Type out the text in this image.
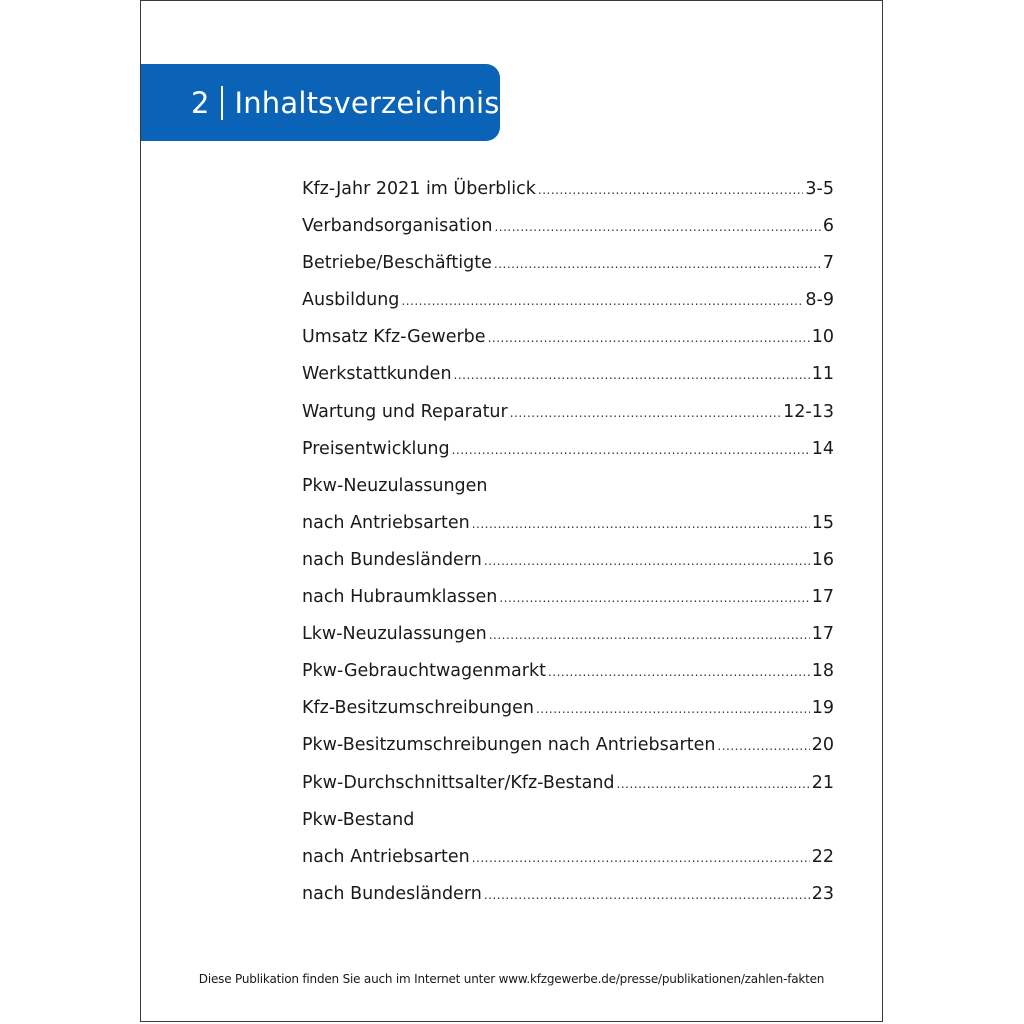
2 Inhaltsverzeichnis
Kfz-Jahr 2021 im Überblick .....	3-5
Verbandsorganisation .....	6
Betriebe/Beschäftigte .....	7
Ausbildung .....	8-9
Umsatz Kfz-Gewerbe .....	10
Werkstattkunden .....	11
Wartung und Reparatur .....	12-13
Preisentwicklung .....	14
Pkw-Neuzulassungen
nach Antriebsarten .....	15
nach Bundesländern .....	16
nach Hubraumklassen .....	17
Lkw-Neuzulassungen .....	17
Pkw-Gebrauchtwagenmarkt .....	18
Kfz-Besitzumschreibungen .....	19
Pkw-Besitzumschreibungen nach Antriebsarten .....	20
Pkw-Durchschnittsalter/Kfz-Bestand .....	21
Pkw-Bestand
nach Antriebsarten .....	22
nach Bundesländern .....	23
Diese Publikation finden Sie auch im Internet unter www.kfzgewerbe.de/presse/publikationen/zahlen-fakten
